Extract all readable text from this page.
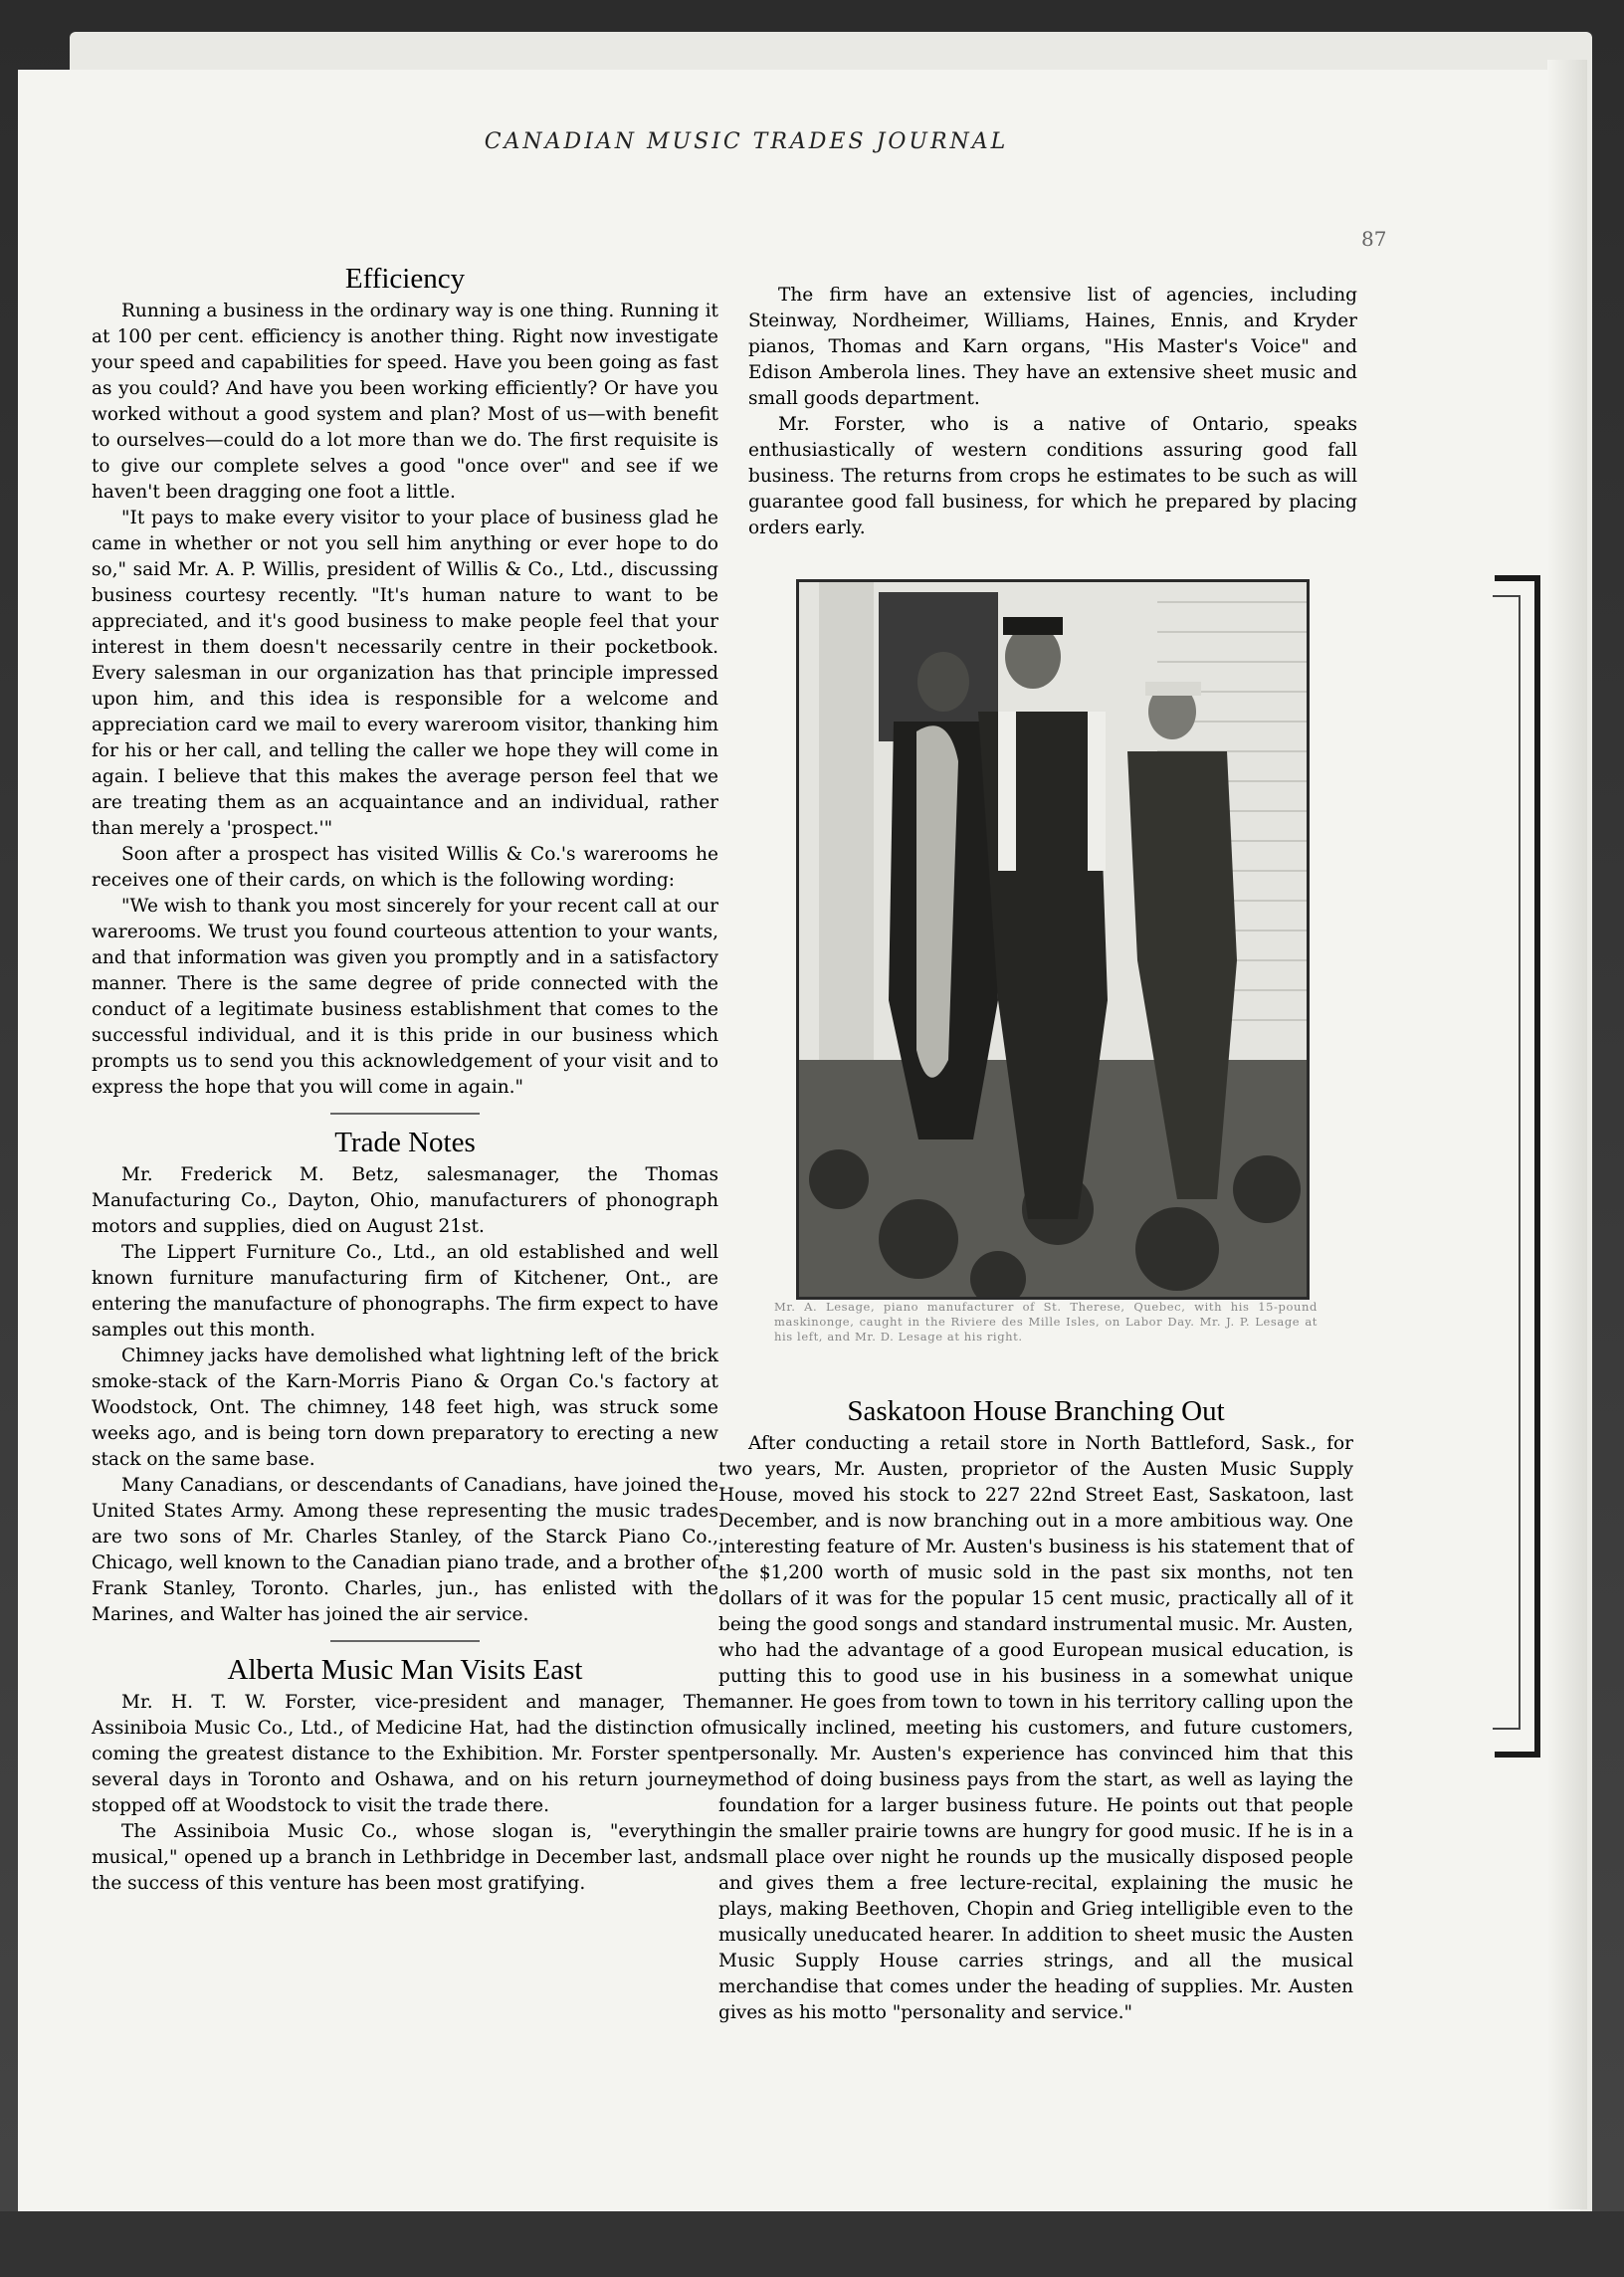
CANADIAN MUSIC TRADES JOURNAL
87
Efficiency

Running a business in the ordinary way is one thing. Running it at 100 per cent. efficiency is another thing. Right now investigate your speed and capabilities for speed. Have you been going as fast as you could? And have you been working efficiently? Or have you worked without a good system and plan? Most of us—with benefit to ourselves—could do a lot more than we do. The first requisite is to give our complete selves a good "once over" and see if we haven't been dragging one foot a little.

"It pays to make every visitor to your place of business glad he came in whether or not you sell him anything or ever hope to do so," said Mr. A. P. Willis, president of Willis & Co., Ltd., discussing business courtesy recently. "It's human nature to want to be appreciated, and it's good business to make people feel that your interest in them doesn't necessarily centre in their pocketbook. Every salesman in our organization has that principle impressed upon him, and this idea is responsible for a welcome and appreciation card we mail to every wareroom visitor, thanking him for his or her call, and telling the caller we hope they will come in again. I believe that this makes the average person feel that we are treating them as an acquaintance and an individual, rather than merely a 'prospect.'"

Soon after a prospect has visited Willis & Co.'s warerooms he receives one of their cards, on which is the following wording:

"We wish to thank you most sincerely for your recent call at our warerooms. We trust you found courteous attention to your wants, and that information was given you promptly and in a satisfactory manner. There is the same degree of pride connected with the conduct of a legitimate business establishment that comes to the successful individual, and it is this pride in our business which prompts us to send you this acknowledgement of your visit and to express the hope that you will come in again."

Trade Notes

Mr. Frederick M. Betz, salesmanager, the Thomas Manufacturing Co., Dayton, Ohio, manufacturers of phonograph motors and supplies, died on August 21st.

The Lippert Furniture Co., Ltd., an old established and well known furniture manufacturing firm of Kitchener, Ont., are entering the manufacture of phonographs. The firm expect to have samples out this month.

Chimney jacks have demolished what lightning left of the brick smoke-stack of the Karn-Morris Piano & Organ Co.'s factory at Woodstock, Ont. The chimney, 148 feet high, was struck some weeks ago, and is being torn down preparatory to erecting a new stack on the same base.

Many Canadians, or descendants of Canadians, have joined the United States Army. Among these representing the music trades are two sons of Mr. Charles Stanley, of the Starck Piano Co., Chicago, well known to the Canadian piano trade, and a brother of Frank Stanley, Toronto. Charles, jun., has enlisted with the Marines, and Walter has joined the air service.

Alberta Music Man Visits East

Mr. H. T. W. Forster, vice-president and manager, The Assiniboia Music Co., Ltd., of Medicine Hat, had the distinction of coming the greatest distance to the Exhibition. Mr. Forster spent several days in Toronto and Oshawa, and on his return journey stopped off at Woodstock to visit the trade there.

The Assiniboia Music Co., whose slogan is, "everything musical," opened up a branch in Lethbridge in December last, and the success of this venture has been most gratifying.

The firm have an extensive list of agencies, including Steinway, Nordheimer, Williams, Haines, Ennis, and Kryder pianos, Thomas and Karn organs, "His Master's Voice" and Edison Amberola lines. They have an extensive sheet music and small goods department.

Mr. Forster, who is a native of Ontario, speaks enthusiastically of western conditions assuring good fall business. The returns from crops he estimates to be such as will guarantee good fall business, for which he prepared by placing orders early.

Mr. A. Lesage, piano manufacturer of St. Therese, Quebec, with his 15-pound maskinonge, caught in the Riviere des Mille Isles, on Labor Day. Mr. J. P. Lesage at his left, and Mr. D. Lesage at his right.
Saskatoon House Branching Out

After conducting a retail store in North Battleford, Sask., for two years, Mr. Austen, proprietor of the Austen Music Supply House, moved his stock to 227 22nd Street East, Saskatoon, last December, and is now branching out in a more ambitious way. One interesting feature of Mr. Austen's business is his statement that of the $1,200 worth of music sold in the past six months, not ten dollars of it was for the popular 15 cent music, practically all of it being the good songs and standard instrumental music. Mr. Austen, who had the advantage of a good European musical education, is putting this to good use in his business in a somewhat unique manner. He goes from town to town in his territory calling upon the musically inclined, meeting his customers, and future customers, personally. Mr. Austen's experience has convinced him that this method of doing business pays from the start, as well as laying the foundation for a larger business future. He points out that people in the smaller prairie towns are hungry for good music. If he is in a small place over night he rounds up the musically disposed people and gives them a free lecture-recital, explaining the music he plays, making Beethoven, Chopin and Grieg intelligible even to the musically uneducated hearer. In addition to sheet music the Austen Music Supply House carries strings, and all the musical merchandise that comes under the heading of supplies. Mr. Austen gives as his motto "personality and service."
